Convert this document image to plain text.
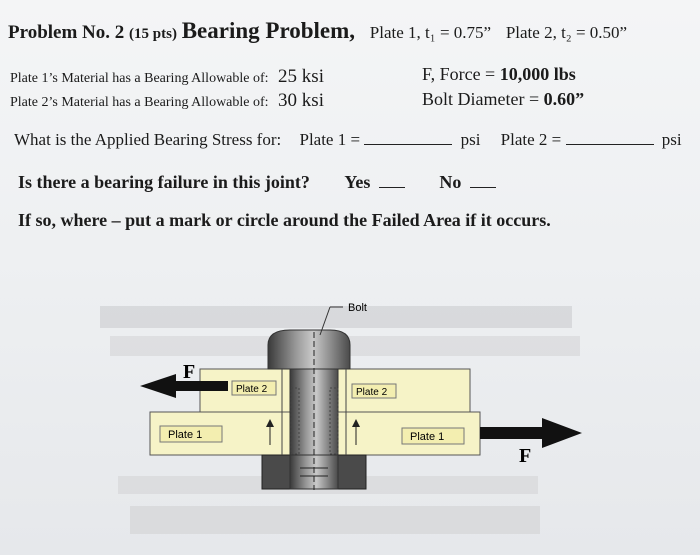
Problem No. 2 (15 pts) Bearing Problem, Plate 1, t₁ = 0.75” Plate 2, t₂ = 0.50”
Plate 1’s Material has a Bearing Allowable of: 25 ksi
Plate 2’s Material has a Bearing Allowable of: 30 ksi
F, Force = 10,000 lbs
Bolt Diameter = 0.60”
What is the Applied Bearing Stress for: Plate 1 =	psi Plate 2 =	psi
Is there a bearing failure in this joint? Yes	No
If so, where – put a mark or circle around the Failed Area if it occurs.
Bolt
Plate 2	Plate 2
Plate 1	Plate 1
F
F
